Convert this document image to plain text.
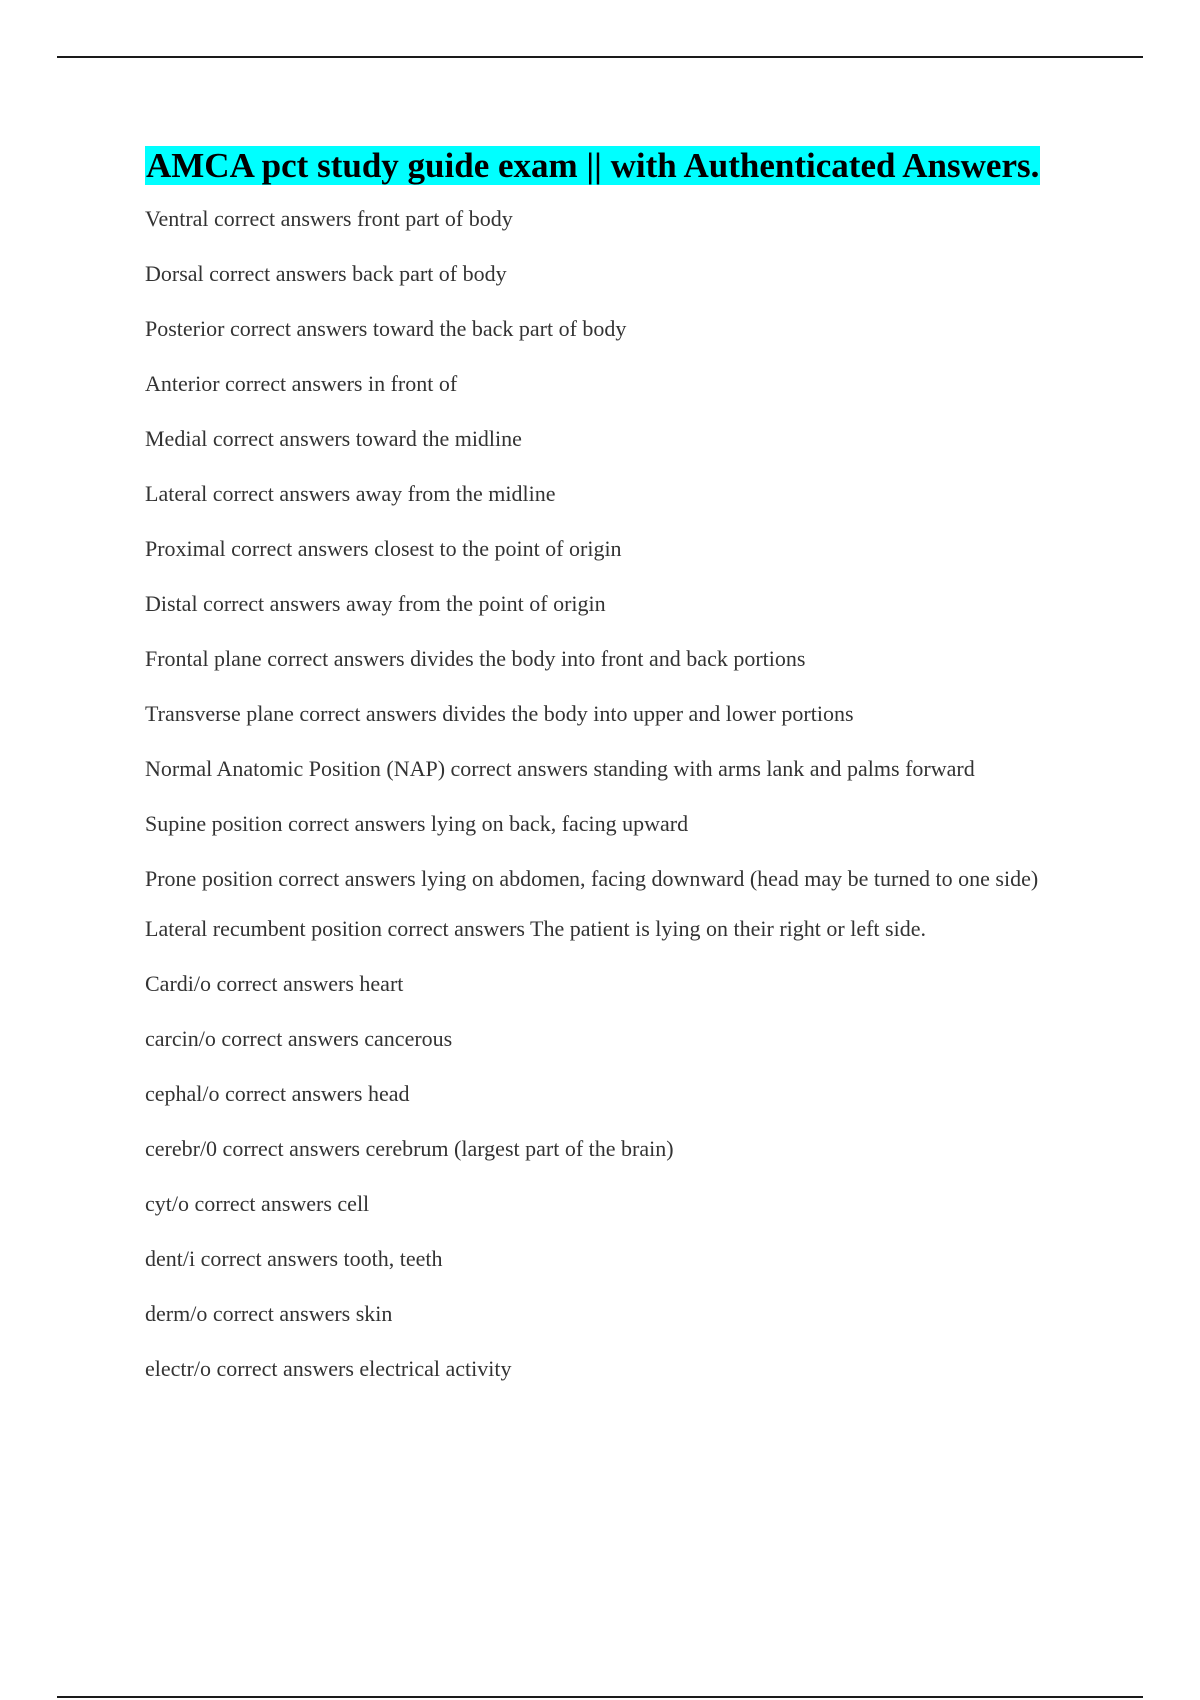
AMCA pct study guide exam || with Authenticated Answers.
Ventral correct answers front part of body
Dorsal correct answers back part of body
Posterior correct answers toward the back part of body
Anterior correct answers in front of
Medial correct answers toward the midline
Lateral correct answers away from the midline
Proximal correct answers closest to the point of origin
Distal correct answers away from the point of origin
Frontal plane correct answers divides the body into front and back portions
Transverse plane correct answers divides the body into upper and lower portions
Normal Anatomic Position (NAP) correct answers standing with arms lank and palms forward
Supine position correct answers lying on back, facing upward
Prone position correct answers lying on abdomen, facing downward (head may be turned to one side)
Lateral recumbent position correct answers The patient is lying on their right or left side.
Cardi/o correct answers heart
carcin/o correct answers cancerous
cephal/o correct answers head
cerebr/0 correct answers cerebrum (largest part of the brain)
cyt/o correct answers cell
dent/i correct answers tooth, teeth
derm/o correct answers skin
electr/o correct answers electrical activity
